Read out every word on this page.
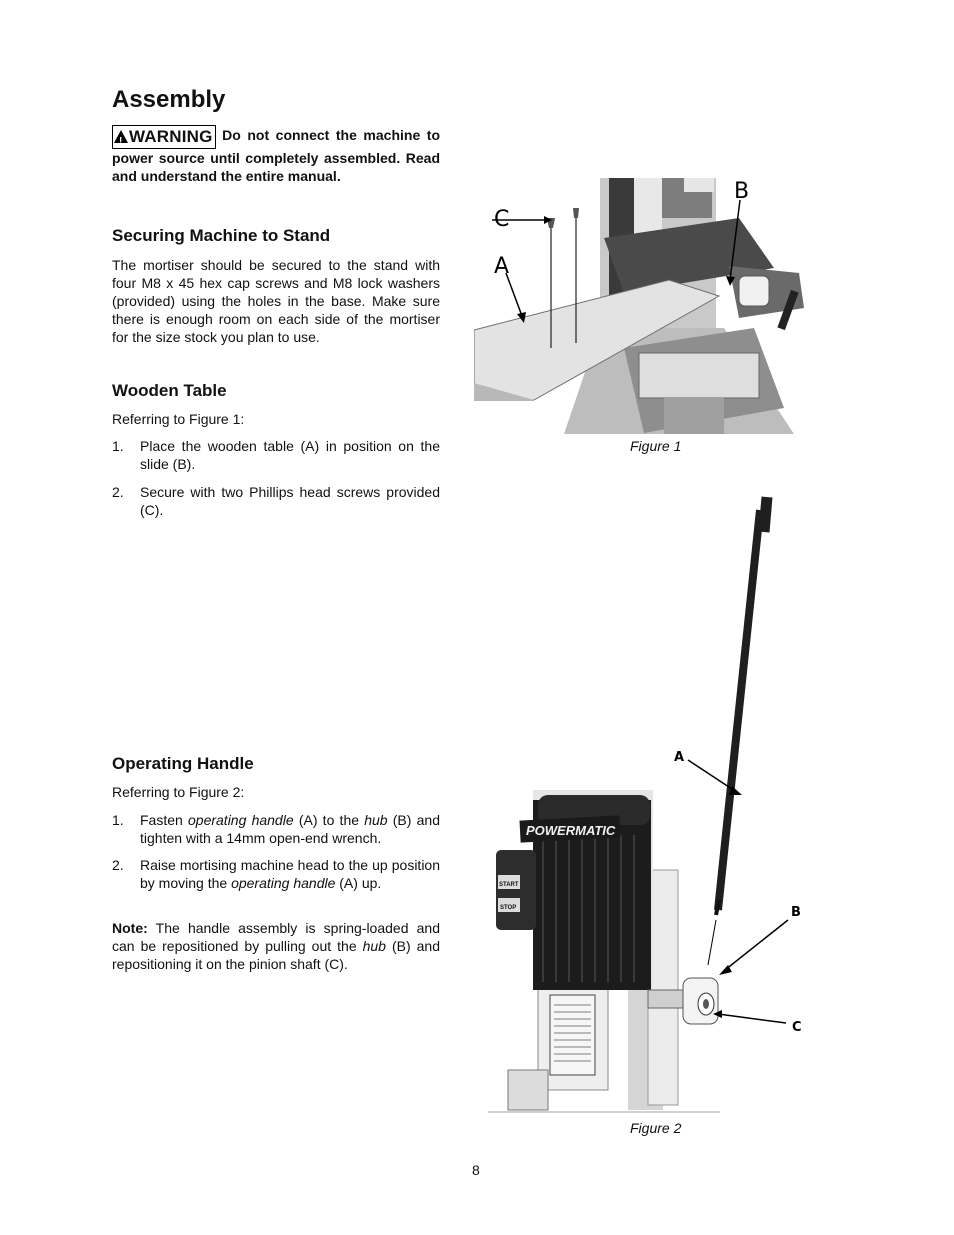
Assembly
!WARNING Do not connect the machine to power source until completely assembled. Read and understand the entire manual.
Securing Machine to Stand

The mortiser should be secured to the stand with four M8 x 45 hex cap screws and M8 lock washers (provided) using the holes in the base. Make sure there is enough room on each side of the mortiser for the size stock you plan to use.

Wooden Table

Referring to Figure 1:

1. Place the wooden table (A) in position on the slide (B).
2. Secure with two Phillips head screws provided (C).
Operating Handle

Referring to Figure 2:

1. Fasten operating handle (A) to the hub (B) and tighten with a 14mm open-end wrench.
2. Raise mortising machine head to the up position by moving the operating handle (A) up.

Note: The handle assembly is spring-loaded and can be repositioned by pulling out the hub (B) and repositioning it on the pinion shaft (C).

C
A
B
Figure 1
POWERMATIC
START
STOP
A
B
C
Figure 2
8
